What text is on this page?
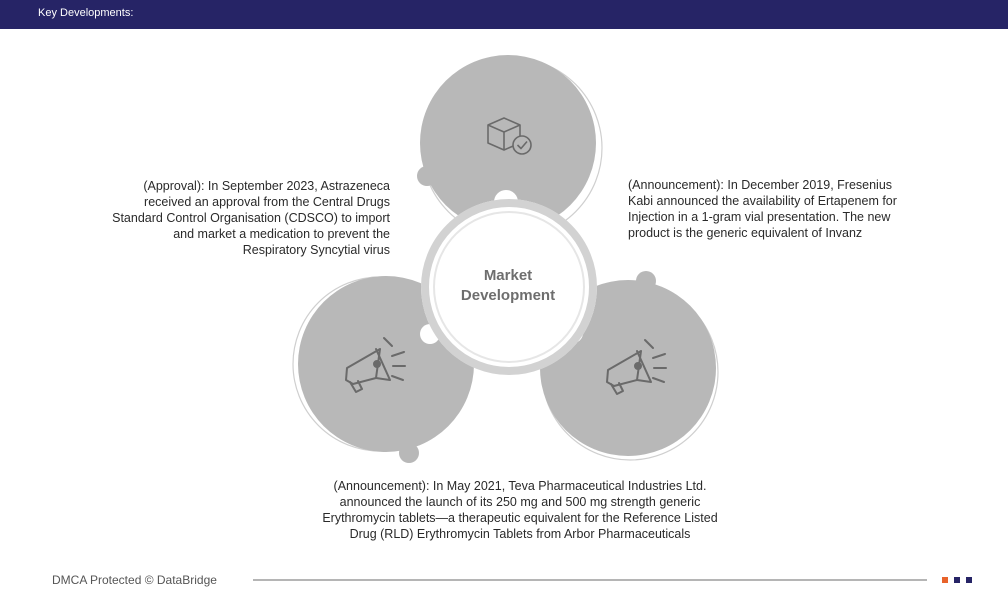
Key Developments:
Market
Development
(Approval): In September 2023, Astrazeneca
received an approval from the Central Drugs
Standard Control Organisation (CDSCO) to import
and market a medication to prevent the
Respiratory Syncytial virus
(Announcement): In December 2019, Fresenius
Kabi announced the availability of Ertapenem for
Injection in a 1-gram vial presentation. The new
product is the generic equivalent of Invanz
(Announcement): In May 2021, Teva Pharmaceutical Industries Ltd.
announced the launch of its 250 mg and 500 mg strength generic
Erythromycin tablets—a therapeutic equivalent for the Reference Listed
Drug (RLD) Erythromycin Tablets from Arbor Pharmaceuticals
DMCA Protected © DataBridge
